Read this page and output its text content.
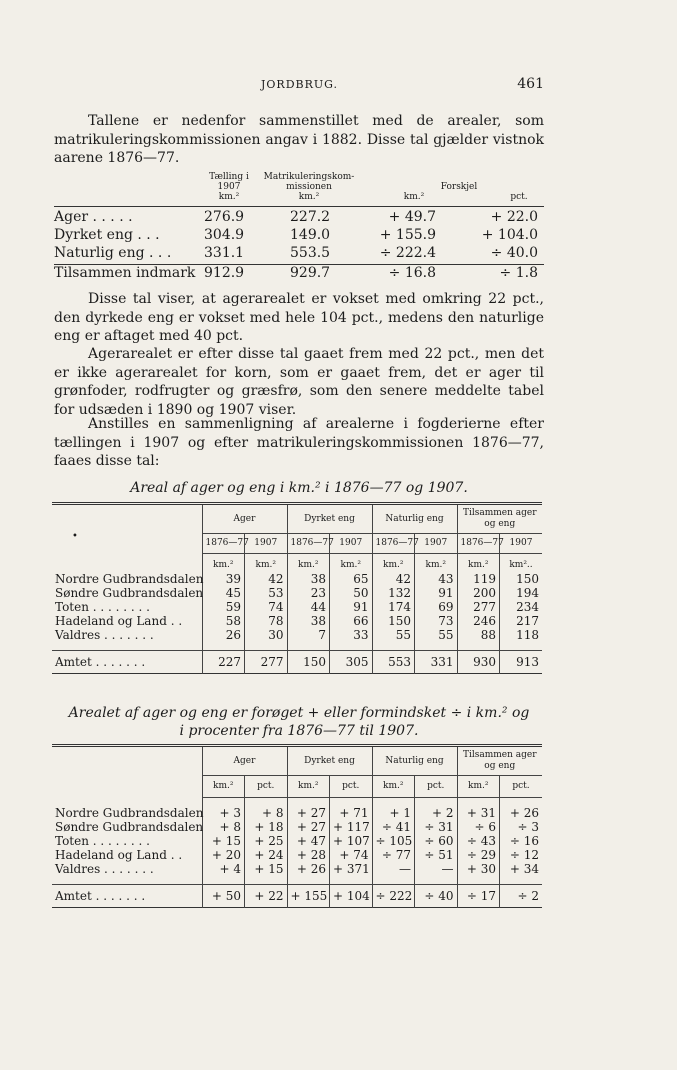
JORDBRUG.	461
Tallene er nedenfor sammenstillet med de arealer, som matrikuleringskommissionen angav i 1882. Disse tal gjælder vistnok aarene 1876—77.
Tælling i
1907
km.²
Matrikuleringskom-
missionen
km.²
Forskjel
km.²	pct.
Ager . . . . .	276.9	227.2	+ 49.7	+ 22.0
Dyrket eng . . .	304.9	149.0	+ 155.9	+ 104.0
Naturlig eng . . . 331.1	553.5	÷ 222.4	÷ 40.0
Tilsammen indmark 912.9	929.7	÷ 16.8	÷ 1.8
Disse tal viser, at agerarealet er vokset med omkring 22 pct., den dyrkede eng er vokset med hele 104 pct., medens den naturlige eng er aftaget med 40 pct.
Agerarealet er efter disse tal gaaet frem med 22 pct., men det er ikke agerarealet for korn, som er gaaet frem, det er ager til grønfoder, rodfrugter og græsfrø, som den senere meddelte tabel for udsæden i 1890 og 1907 viser.
Anstilles en sammenligning af arealerne i fogderierne efter tællingen i 1907 og efter matrikuleringskommissionen 1876—77, faaes disse tal:
Areal af ager og eng i km.² i 1876—77 og 1907.
•
	Ager		Dyrket eng		Naturlig eng		Tilsammen ager og eng	
	1876—77	1907	1876—77	1907	1876—77	1907	1876—77	1907
	km.²	km.²	km.²	km.²	km.²	km.²	km.²	km²..
Nordre Gudbrandsdalen	39	42	38	65	42	43	119	150
Søndre Gudbrandsdalen	45	53	23	50	132	91	200	194
Toten . . . . . . . .	59	74	44	91	174	69	277	234
Hadeland og Land . .	58	78	38	66	150	73	246	217
Valdres . . . . . . .	26	30	7	33	55	55	88	118

Amtet . . . . . . .	227	277	150	305	553	331	930	913
Arealet af ager og eng er forøget + eller formindsket ÷ i km.² og
i procenter fra 1876—77 til 1907.
	Ager		Dyrket eng		Naturlig eng		Tilsammen ager og eng	
	km.²	pct.	km.²	pct.	km.²	pct.	km.²	pct.

Nordre Gudbrandsdalen	+ 3	+ 8	+ 27	+ 71	+ 1	+ 2	+ 31	+ 26
Søndre Gudbrandsdalen	+ 8	+ 18	+ 27	+ 117	÷ 41	÷ 31	÷ 6	÷ 3
Toten . . . . . . . .	+ 15	+ 25	+ 47	+ 107	÷ 105	÷ 60	÷ 43	÷ 16
Hadeland og Land . .	+ 20	+ 24	+ 28	+ 74	÷ 77	÷ 51	÷ 29	÷ 12
Valdres . . . . . . .	+ 4	+ 15	+ 26	+ 371	—	—	+ 30	+ 34

Amtet . . . . . . .	+ 50	+ 22	+ 155	+ 104	÷ 222	÷ 40	÷ 17	÷ 2
